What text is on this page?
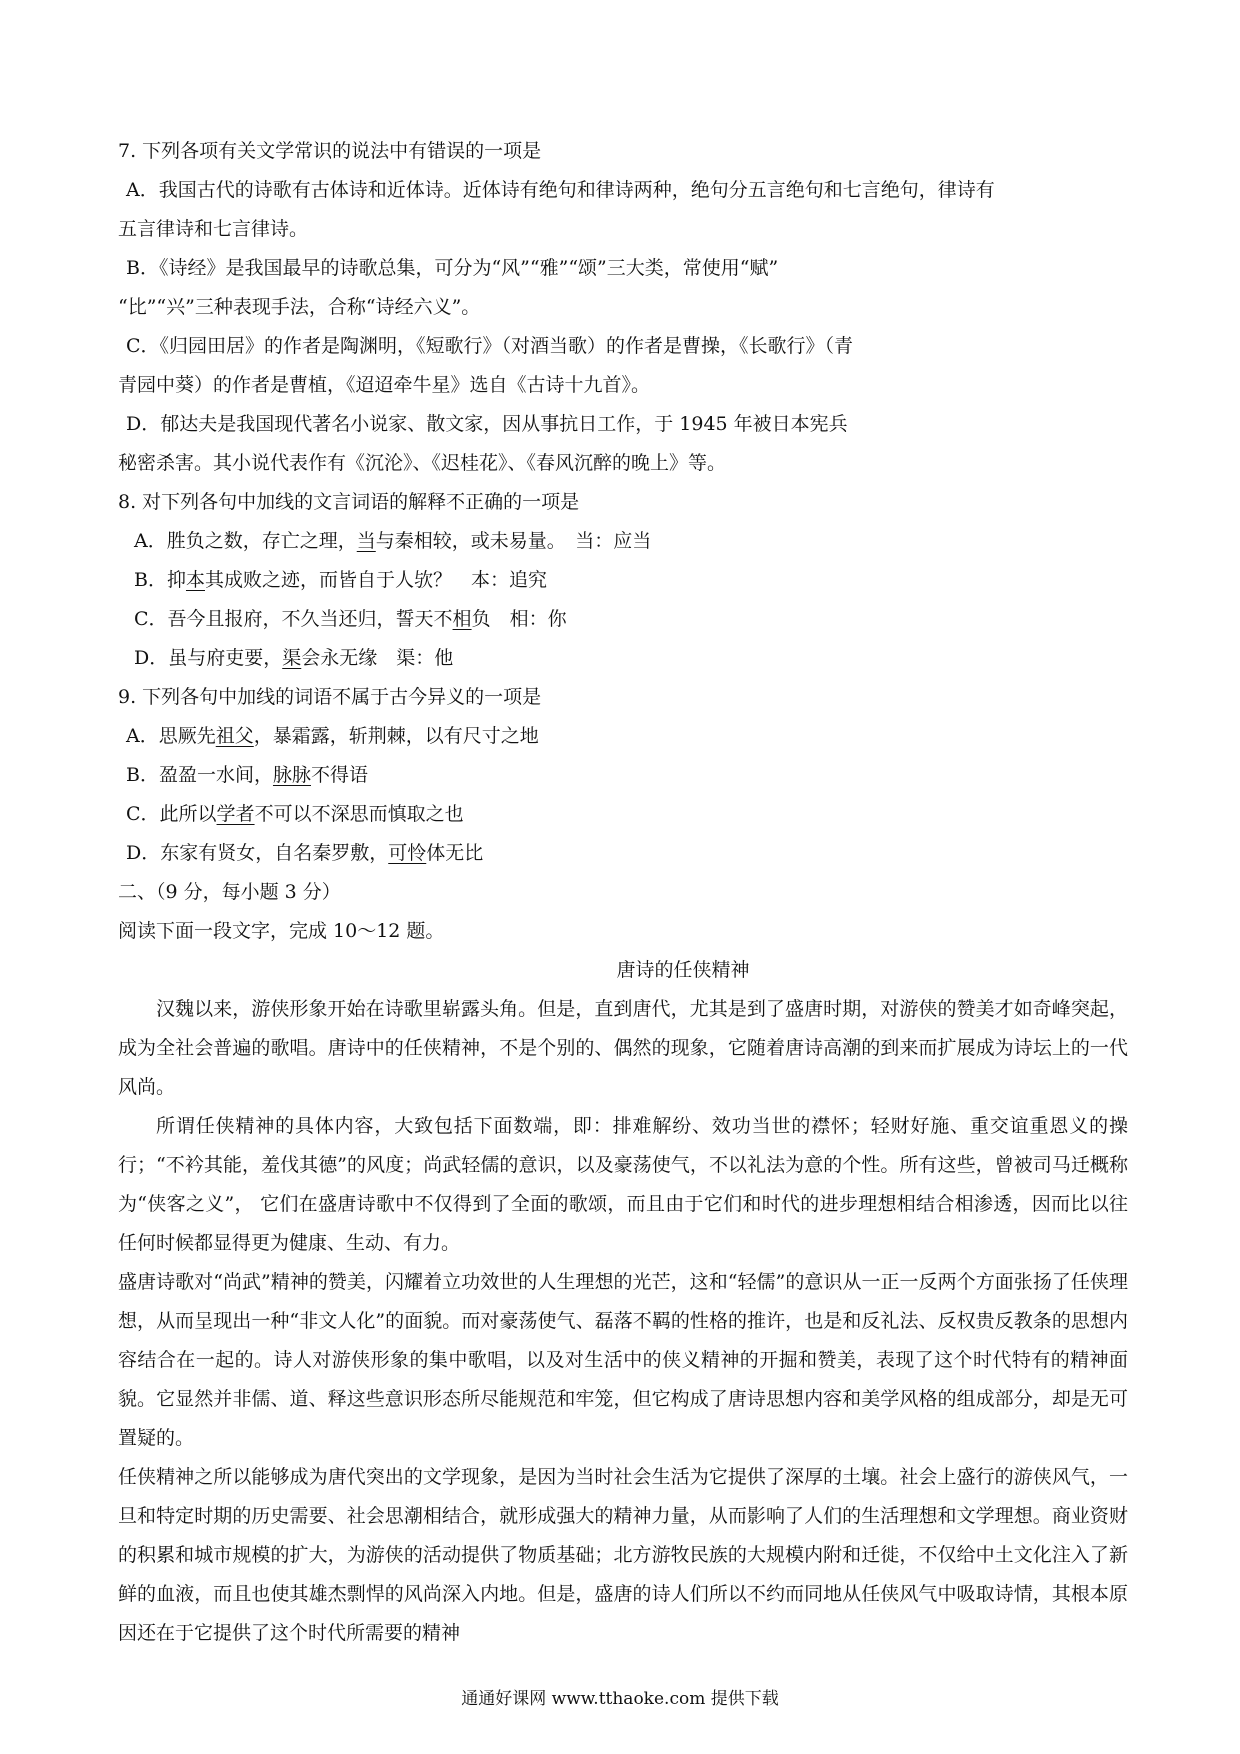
7. 下列各项有关文学常识的说法中有错误的一项是
A．我国古代的诗歌有古体诗和近体诗。近体诗有绝句和律诗两种，绝句分五言绝句和七言绝句，律诗有
五言律诗和七言律诗。
B．《诗经》是我国最早的诗歌总集，可分为“风”“雅”“颂”三大类，常使用“赋”
“比”“兴”三种表现手法，合称“诗经六义”。
C．《归园田居》的作者是陶渊明，《短歌行》（对酒当歌）的作者是曹操，《长歌行》（青
青园中葵）的作者是曹植，《迢迢牵牛星》选自《古诗十九首》。
D．郁达夫是我国现代著名小说家、散文家，因从事抗日工作，于 1945 年被日本宪兵
秘密杀害。其小说代表作有《沉沦》、《迟桂花》、《春风沉醉的晚上》等。
8. 对下列各句中加线的文言词语的解释不正确的一项是
A．胜负之数，存亡之理，当与秦相较，或未易量。　当：应当
B．抑本其成败之迹，而皆自于人欤？　本：追究
C．吾今且报府，不久当还归，誓天不相负　相：你
D．虽与府吏要，渠会永无缘　渠：他
9. 下列各句中加线的词语不属于古今异义的一项是
A．思厥先祖父，暴霜露，斩荆棘，以有尺寸之地
B．盈盈一水间，脉脉不得语
C．此所以学者不可以不深思而慎取之也
D．东家有贤女，自名秦罗敷，可怜体无比
二、（9 分，每小题 3 分）
阅读下面一段文字，完成 10～12 题。
唐诗的任侠精神
汉魏以来，游侠形象开始在诗歌里崭露头角。但是，直到唐代，尤其是到了盛唐时期，对游侠的赞美才如奇峰突起，成为全社会普遍的歌唱。唐诗中的任侠精神，不是个别的、偶然的现象，它随着唐诗高潮的到来而扩展成为诗坛上的一代风尚。
所谓任侠精神的具体内容，大致包括下面数端，即：排难解纷、效功当世的襟怀；轻财好施、重交谊重恩义的操行；“不衿其能，羞伐其德”的风度；尚武轻儒的意识，以及豪荡使气，不以礼法为意的个性。所有这些，曾被司马迁概称为“侠客之义”， 它们在盛唐诗歌中不仅得到了全面的歌颂，而且由于它们和时代的进步理想相结合相渗透，因而比以往任何时候都显得更为健康、生动、有力。
盛唐诗歌对“尚武”精神的赞美，闪耀着立功效世的人生理想的光芒，这和“轻儒”的意识从一正一反两个方面张扬了任侠理想，从而呈现出一种“非文人化”的面貌。而对豪荡使气、磊落不羁的性格的推许，也是和反礼法、反权贵反教条的思想内容结合在一起的。诗人对游侠形象的集中歌唱，以及对生活中的侠义精神的开掘和赞美，表现了这个时代特有的精神面貌。它显然并非儒、道、释这些意识形态所尽能规范和牢笼，但它构成了唐诗思想内容和美学风格的组成部分，却是无可置疑的。
任侠精神之所以能够成为唐代突出的文学现象，是因为当时社会生活为它提供了深厚的土壤。社会上盛行的游侠风气，一旦和特定时期的历史需要、社会思潮相结合，就形成强大的精神力量，从而影响了人们的生活理想和文学理想。商业资财的积累和城市规模的扩大，为游侠的活动提供了物质基础；北方游牧民族的大规模内附和迁徙，不仅给中土文化注入了新鲜的血液，而且也使其雄杰剽悍的风尚深入内地。但是，盛唐的诗人们所以不约而同地从任侠风气中吸取诗情，其根本原因还在于它提供了这个时代所需要的精神
通通好课网 www.tthaoke.com 提供下载
